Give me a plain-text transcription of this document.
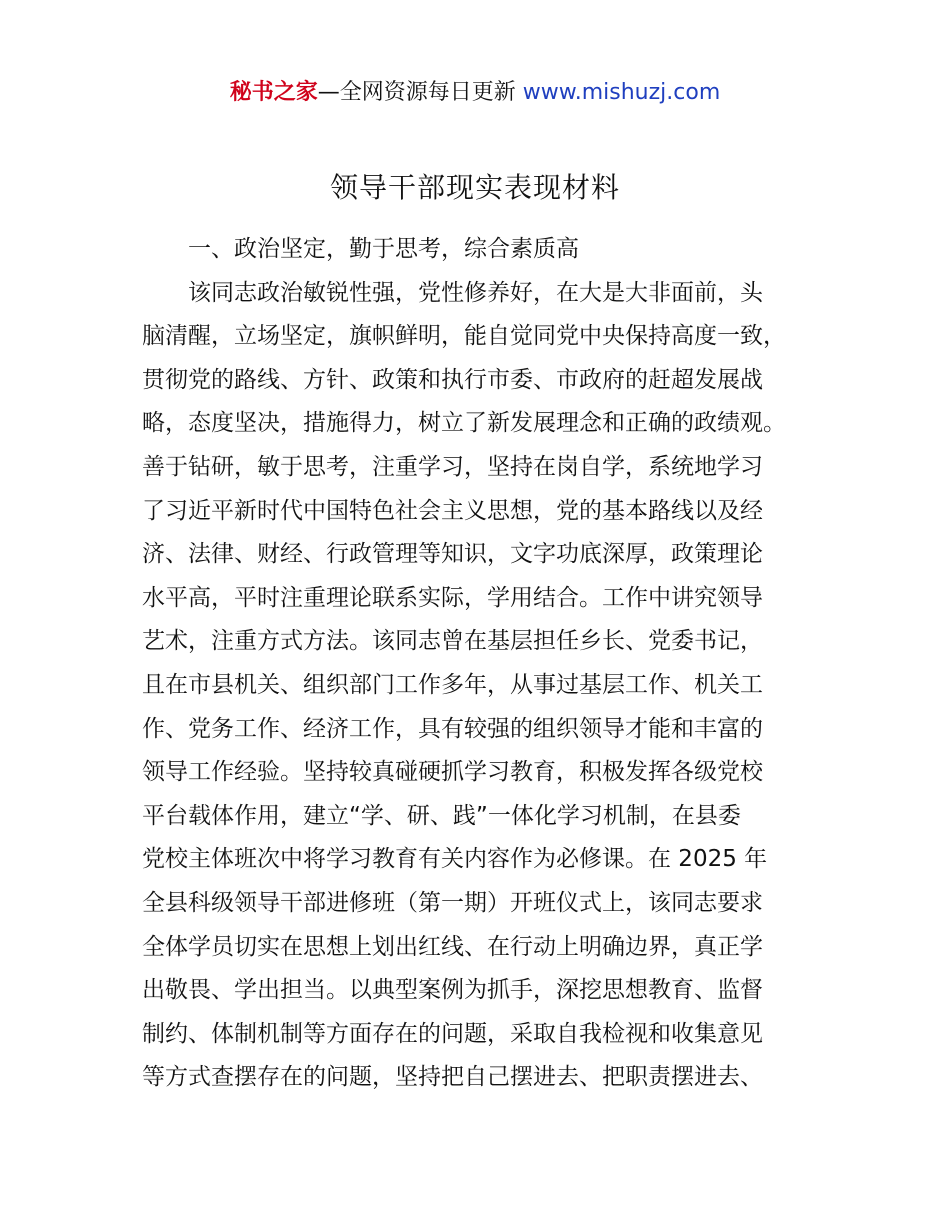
秘书之家—全网资源每日更新 www.mishuzj.com
领导干部现实表现材料
一、政治坚定，勤于思考，综合素质高
该同志政治敏锐性强，党性修养好，在大是大非面前，头
脑清醒，立场坚定，旗帜鲜明，能自觉同党中央保持高度一致，
贯彻党的路线、方针、政策和执行市委、市政府的赶超发展战
略，态度坚决，措施得力，树立了新发展理念和正确的政绩观。
善于钻研，敏于思考，注重学习，坚持在岗自学，系统地学习
了习近平新时代中国特色社会主义思想，党的基本路线以及经
济、法律、财经、行政管理等知识，文字功底深厚，政策理论
水平高，平时注重理论联系实际，学用结合。工作中讲究领导
艺术，注重方式方法。该同志曾在基层担任乡长、党委书记，
且在市县机关、组织部门工作多年，从事过基层工作、机关工
作、党务工作、经济工作，具有较强的组织领导才能和丰富的
领导工作经验。坚持较真碰硬抓学习教育，积极发挥各级党校
平台载体作用，建立“学、研、践”一体化学习机制，在县委
党校主体班次中将学习教育有关内容作为必修课。在 2025 年
全县科级领导干部进修班（第一期）开班仪式上，该同志要求
全体学员切实在思想上划出红线、在行动上明确边界，真正学
出敬畏、学出担当。以典型案例为抓手，深挖思想教育、监督
制约、体制机制等方面存在的问题，采取自我检视和收集意见
等方式查摆存在的问题，坚持把自己摆进去、把职责摆进去、
